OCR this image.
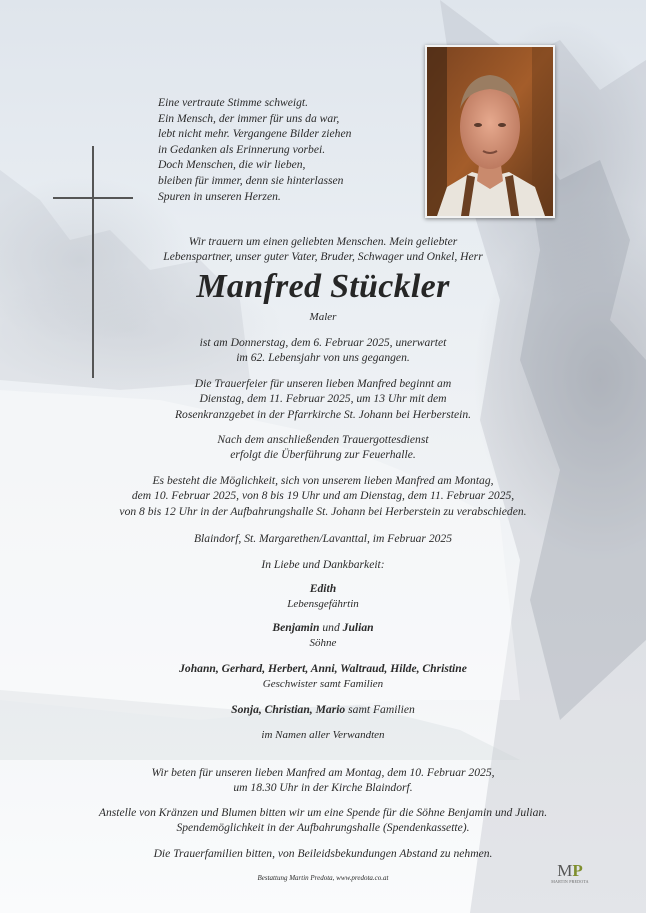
Eine vertraute Stimme schweigt.
Ein Mensch, der immer für uns da war,
lebt nicht mehr. Vergangene Bilder ziehen
in Gedanken als Erinnerung vorbei.
Doch Menschen, die wir lieben,
bleiben für immer, denn sie hinterlassen
Spuren in unseren Herzen.
Wir trauern um einen geliebten Menschen. Mein geliebter
Lebenspartner, unser guter Vater, Bruder, Schwager und Onkel, Herr
Manfred Stückler
Maler
ist am Donnerstag, dem 6. Februar 2025, unerwartet
im 62. Lebensjahr von uns gegangen.
Die Trauerfeier für unseren lieben Manfred beginnt am
Dienstag, dem 11. Februar 2025, um 13 Uhr mit dem
Rosenkranzgebet in der Pfarrkirche St. Johann bei Herberstein.
Nach dem anschließenden Trauergottesdienst
erfolgt die Überführung zur Feuerhalle.
Es besteht die Möglichkeit, sich von unserem lieben Manfred am Montag,
dem 10. Februar 2025, von 8 bis 19 Uhr und am Dienstag, dem 11. Februar 2025,
von 8 bis 12 Uhr in der Aufbahrungshalle St. Johann bei Herberstein zu verabschieden.
Blaindorf, St. Margarethen/Lavanttal, im Februar 2025
In Liebe und Dankbarkeit:
Edith
Lebensgefährtin
Benjamin und Julian
Söhne
Johann, Gerhard, Herbert, Anni, Waltraud, Hilde, Christine
Geschwister samt Familien
Sonja, Christian, Mario samt Familien
im Namen aller Verwandten
Wir beten für unseren lieben Manfred am Montag, dem 10. Februar 2025,
um 18.30 Uhr in der Kirche Blaindorf.
Anstelle von Kränzen und Blumen bitten wir um eine Spende für die Söhne Benjamin und Julian.
Spendemöglichkeit in der Aufbahrungshalle (Spendenkassette).
Die Trauerfamilien bitten, von Beileidsbekundungen Abstand zu nehmen.
Bestattung Martin Predota, www.predota.co.at	MP
MARTIN PREDOTA
